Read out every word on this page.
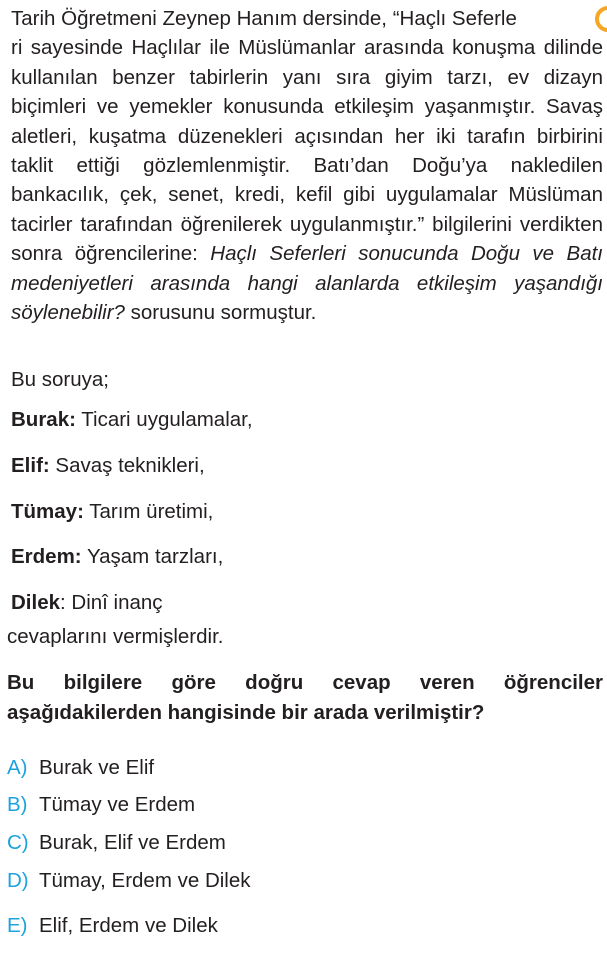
Tarih Öğretmeni Zeynep Hanım dersinde, “Haçlı Seferle
ri sayesinde Haçlılar ile Müslümanlar arasında konuşma dilinde kullanılan benzer tabirlerin yanı sıra giyim tarzı, ev dizayn biçimleri ve yemekler konusunda etkileşim yaşanmıştır. Savaş aletleri, kuşatma düzenekleri açısından her iki tarafın birbirini taklit ettiği gözlemlenmiştir. Batı’dan Doğu’ya nakledilen bankacılık, çek, senet, kredi, kefil gibi uygulamalar Müslüman tacirler tarafından öğrenilerek uygulanmıştır.” bilgilerini verdikten sonra öğrencilerine: Haçlı Seferleri sonucunda Doğu ve Batı medeniyetleri arasında hangi alanlarda etkileşim yaşandığı söylenebilir? sorusunu sormuştur.
Bu soruya;
Burak: Ticari uygulamalar,
Elif: Savaş teknikleri,
Tümay: Tarım üretimi,
Erdem: Yaşam tarzları,
Dilek: Dinî inanç
cevaplarını vermişlerdir.
Bu bilgilere göre doğru cevap veren öğrenciler aşağıdakilerden hangisinde bir arada verilmiştir?
A) Burak ve Elif
B) Tümay ve Erdem
C) Burak, Elif ve Erdem
D) Tümay, Erdem ve Dilek
E) Elif, Erdem ve Dilek
